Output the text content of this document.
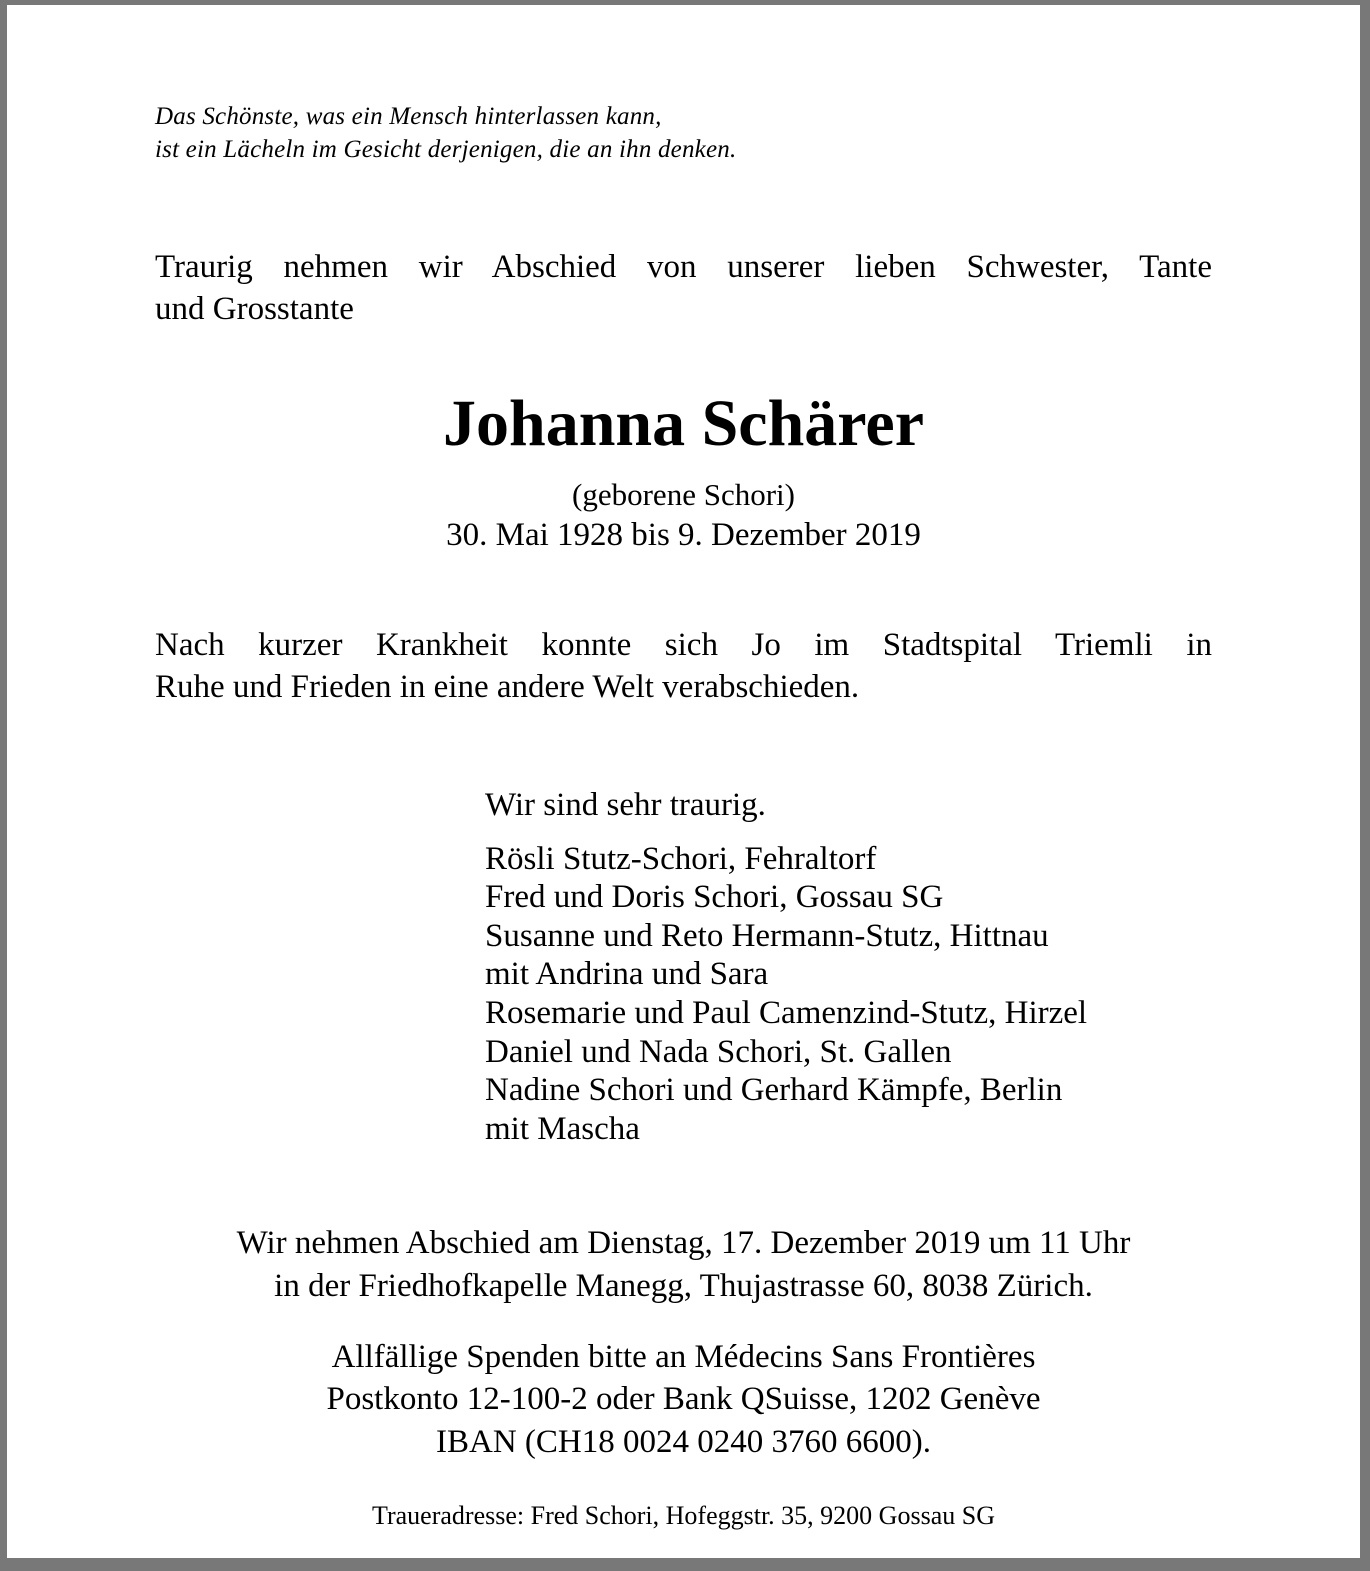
Das Schönste, was ein Mensch hinterlassen kann,
ist ein Lächeln im Gesicht derjenigen, die an ihn denken.

Traurig nehmen wir Abschied von unserer lieben Schwester, Tante
und Grosstante
Johanna Schärer

(geborene Schori)

30. Mai 1928 bis 9. Dezember 2019

Nach kurzer Krankheit konnte sich Jo im Stadtspital Triemli in
Ruhe und Frieden in eine andere Welt verabschieden.

Wir sind sehr traurig.

Rösli Stutz-Schori, Fehraltorf

Fred und Doris Schori, Gossau SG

Susanne und Reto Hermann-Stutz, Hittnau

mit Andrina und Sara

Rosemarie und Paul Camenzind-Stutz, Hirzel

Daniel und Nada Schori, St. Gallen

Nadine Schori und Gerhard Kämpfe, Berlin

mit Mascha

Wir nehmen Abschied am Dienstag, 17. Dezember 2019 um 11 Uhr
in der Friedhofkapelle Manegg, Thujastrasse 60, 8038 Zürich.

Allfällige Spenden bitte an Médecins Sans Frontières
Postkonto 12-100-2 oder Bank QSuisse, 1202 Genève
IBAN (CH18 0024 0240 3760 6600).

Traueradresse: Fred Schori, Hofeggstr. 35, 9200 Gossau SG
